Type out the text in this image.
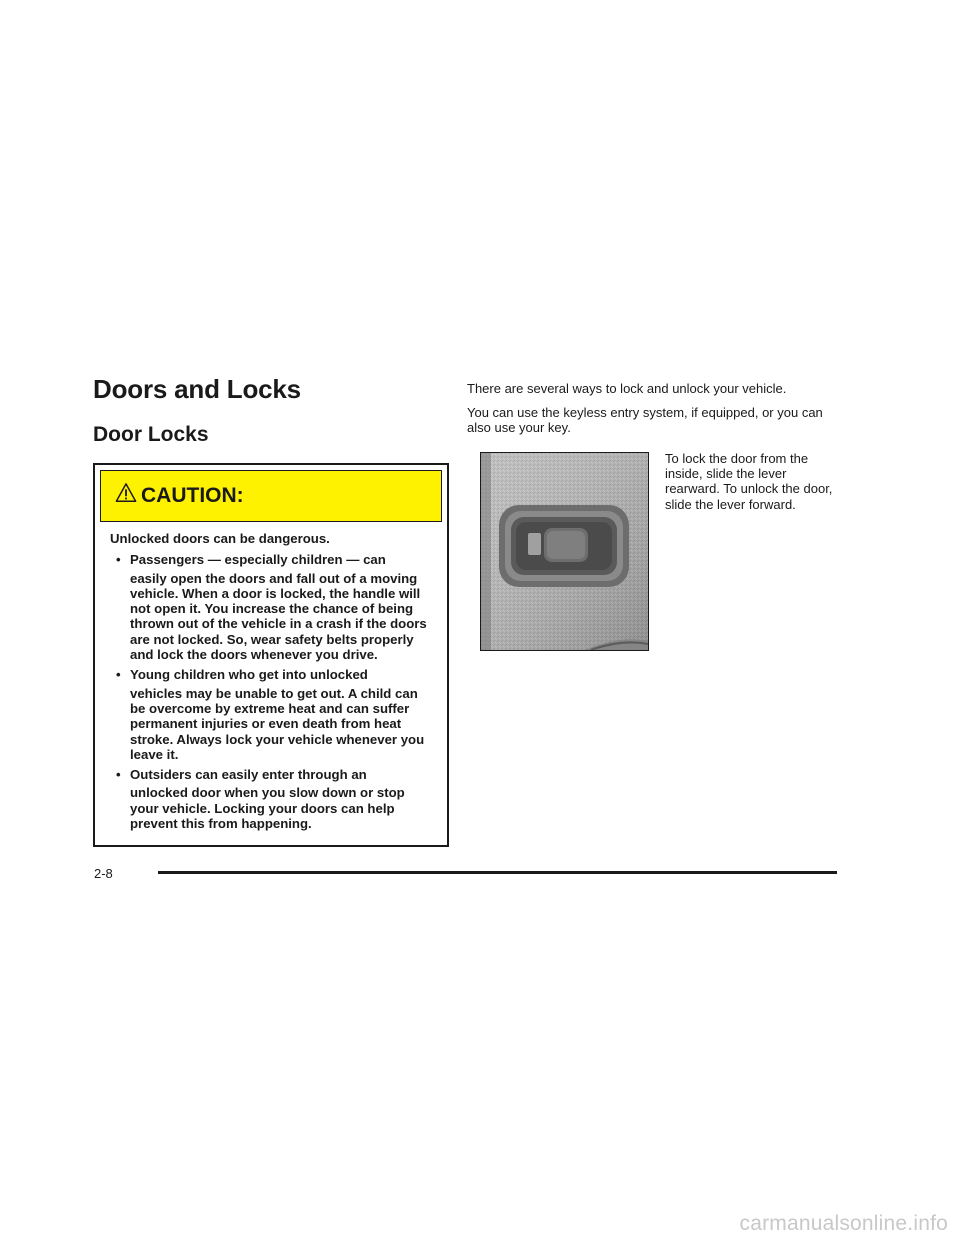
Doors and Locks
Door Locks
CAUTION:

Unlocked doors can be dangerous.

• Passengers — especially children — can
easily open the doors and fall out of a moving vehicle. When a door is locked, the handle will not open it. You increase the chance of being thrown out of the vehicle in a crash if the doors are not locked. So, wear safety belts properly and lock the doors whenever you drive.
• Young children who get into unlocked
vehicles may be unable to get out. A child can be overcome by extreme heat and can suffer permanent injuries or even death from heat stroke. Always lock your vehicle whenever you leave it.
• Outsiders can easily enter through an
unlocked door when you slow down or stop your vehicle. Locking your doors can help prevent this from happening.

There are several ways to lock and unlock your vehicle.

You can use the keyless entry system, if equipped, or you can also use your key.

To lock the door from the inside, slide the lever rearward. To unlock the door, slide the lever forward.

2-8
carmanualsonline.info
